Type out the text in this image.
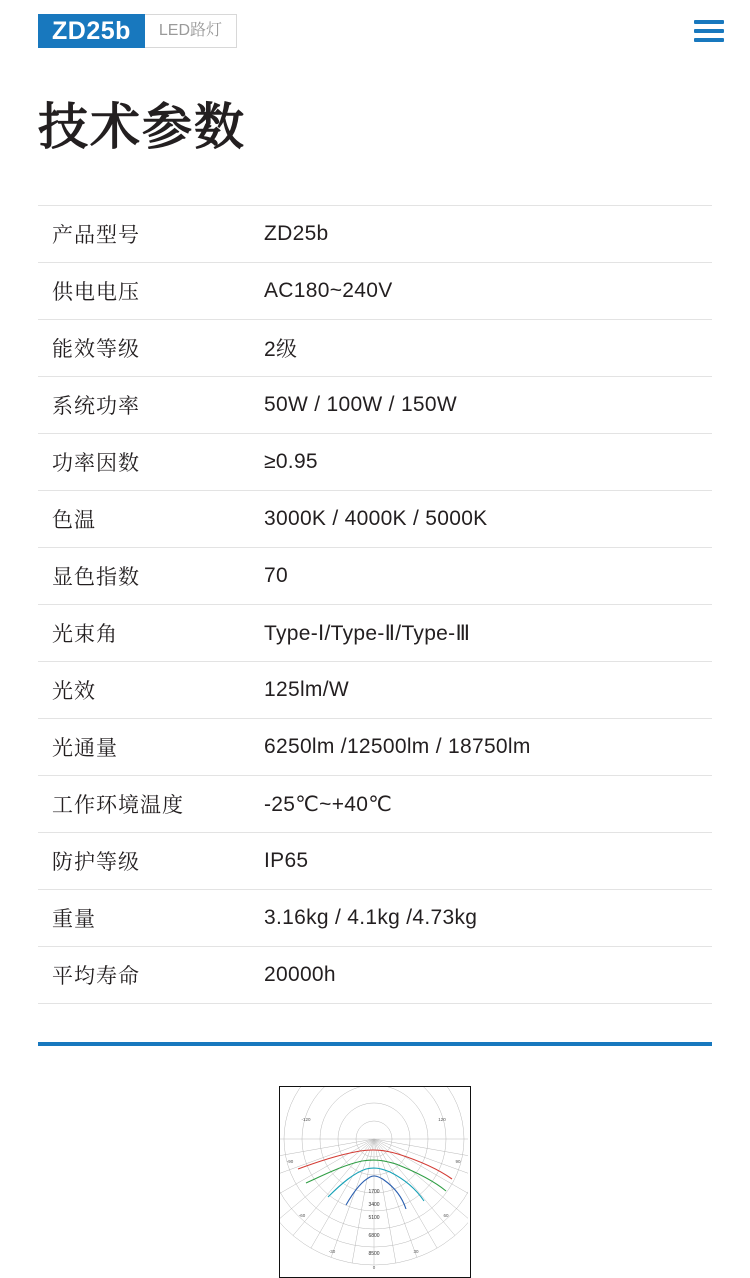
ZD25b	LED路灯
技术参数
产品型号	ZD25b
供电电压	AC180~240V
能效等级	2级
系统功率	50W / 100W / 150W
功率因数	≥0.95
色温	3000K / 4000K / 5000K
显色指数	70
光束角	Type-Ⅰ/Type-Ⅱ/Type-Ⅲ
光效	125lm/W
光通量	6250lm /12500lm / 18750lm
工作环境温度	-25℃~+40℃
防护等级	IP65
重量	3.16kg / 4.1kg /4.73kg
平均寿命	20000h
1700
3400
5100
6800
8500
-120	120
-90	90
-60	60
-30	30
0
